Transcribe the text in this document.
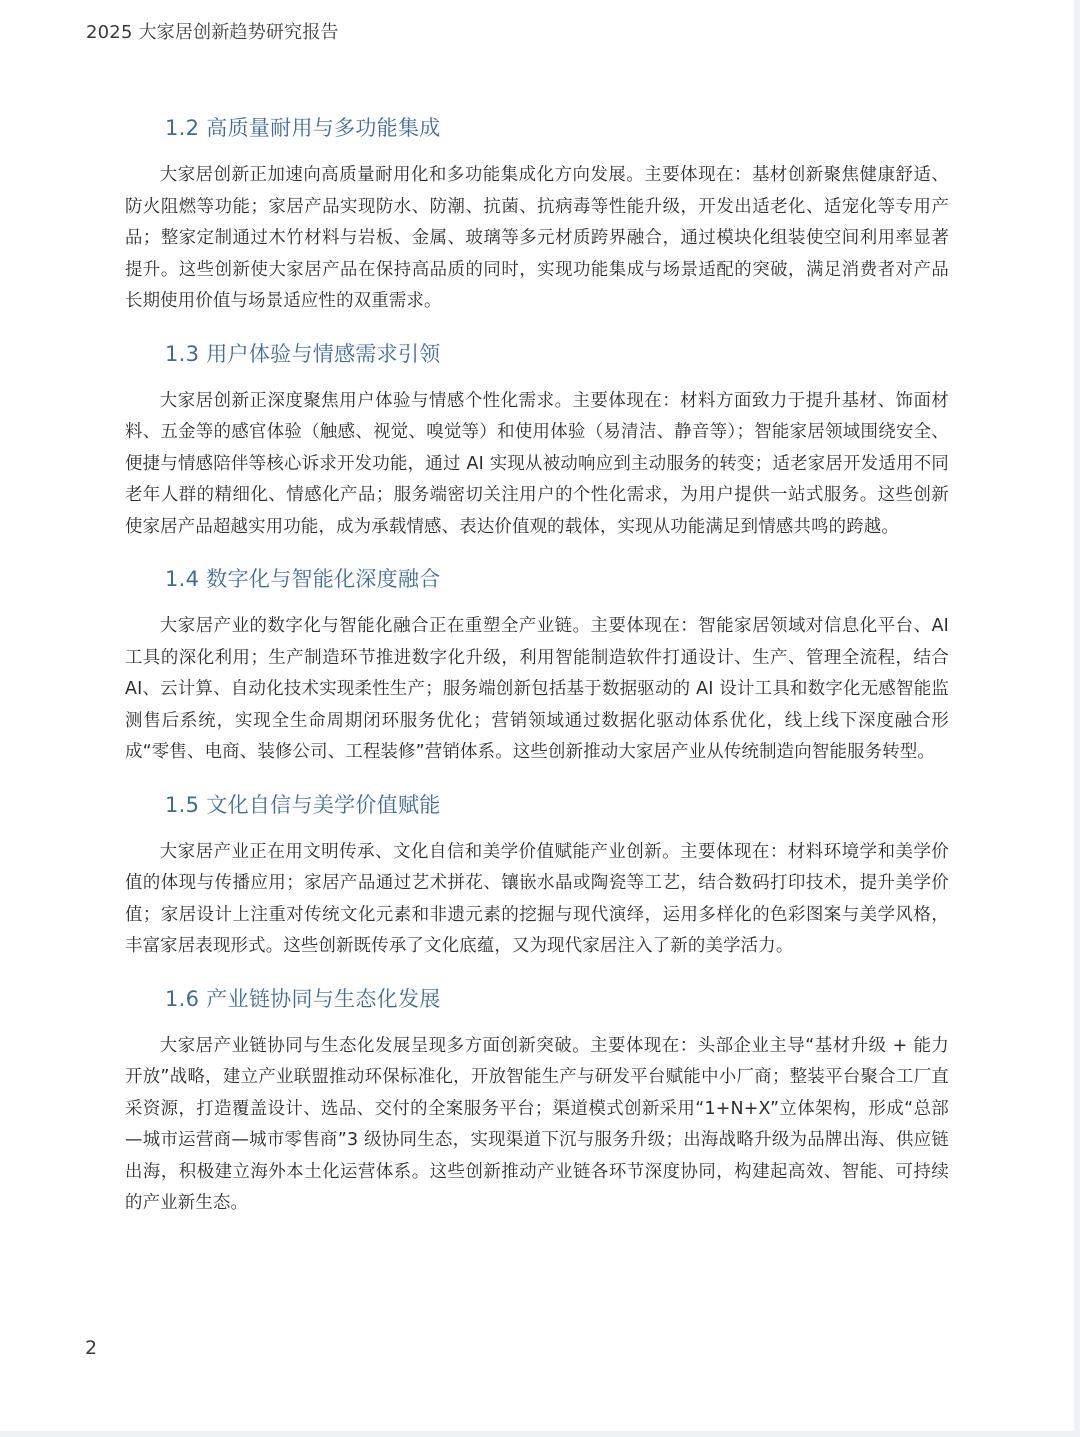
2025 大家居创新趋势研究报告
1.2 高质量耐用与多功能集成

大家居创新正加速向高质量耐用化和多功能集成化方向发展。主要体现在：基材创新聚焦健康舒适、防火阻燃等功能；家居产品实现防水、防潮、抗菌、抗病毒等性能升级，开发出适老化、适宠化等专用产品；整家定制通过木竹材料与岩板、金属、玻璃等多元材质跨界融合，通过模块化组装使空间利用率显著提升。这些创新使大家居产品在保持高品质的同时，实现功能集成与场景适配的突破，满足消费者对产品长期使用价值与场景适应性的双重需求。

1.3 用户体验与情感需求引领

大家居创新正深度聚焦用户体验与情感个性化需求。主要体现在：材料方面致力于提升基材、饰面材料、五金等的感官体验（触感、视觉、嗅觉等）和使用体验（易清洁、静音等）；智能家居领域围绕安全、便捷与情感陪伴等核心诉求开发功能，通过 AI 实现从被动响应到主动服务的转变；适老家居开发适用不同老年人群的精细化、情感化产品；服务端密切关注用户的个性化需求，为用户提供一站式服务。这些创新使家居产品超越实用功能，成为承载情感、表达价值观的载体，实现从功能满足到情感共鸣的跨越。

1.4 数字化与智能化深度融合

大家居产业的数字化与智能化融合正在重塑全产业链。主要体现在：智能家居领域对信息化平台、AI 工具的深化利用；生产制造环节推进数字化升级，利用智能制造软件打通设计、生产、管理全流程，结合 AI、云计算、自动化技术实现柔性生产；服务端创新包括基于数据驱动的 AI 设计工具和数字化无感智能监测售后系统，实现全生命周期闭环服务优化；营销领域通过数据化驱动体系优化，线上线下深度融合形成“零售、电商、装修公司、工程装修”营销体系。这些创新推动大家居产业从传统制造向智能服务转型。

1.5 文化自信与美学价值赋能

大家居产业正在用文明传承、文化自信和美学价值赋能产业创新。主要体现在：材料环境学和美学价值的体现与传播应用；家居产品通过艺术拼花、镶嵌水晶或陶瓷等工艺，结合数码打印技术，提升美学价值；家居设计上注重对传统文化元素和非遗元素的挖掘与现代演绎，运用多样化的色彩图案与美学风格，丰富家居表现形式。这些创新既传承了文化底蕴，又为现代家居注入了新的美学活力。

1.6 产业链协同与生态化发展

大家居产业链协同与生态化发展呈现多方面创新突破。主要体现在：头部企业主导“基材升级 + 能力开放”战略，建立产业联盟推动环保标准化，开放智能生产与研发平台赋能中小厂商；整装平台聚合工厂直采资源，打造覆盖设计、选品、交付的全案服务平台；渠道模式创新采用“1+N+X”立体架构，形成“总部—城市运营商—城市零售商”3 级协同生态，实现渠道下沉与服务升级；出海战略升级为品牌出海、供应链出海，积极建立海外本土化运营体系。这些创新推动产业链各环节深度协同，构建起高效、智能、可持续的产业新生态。

2
